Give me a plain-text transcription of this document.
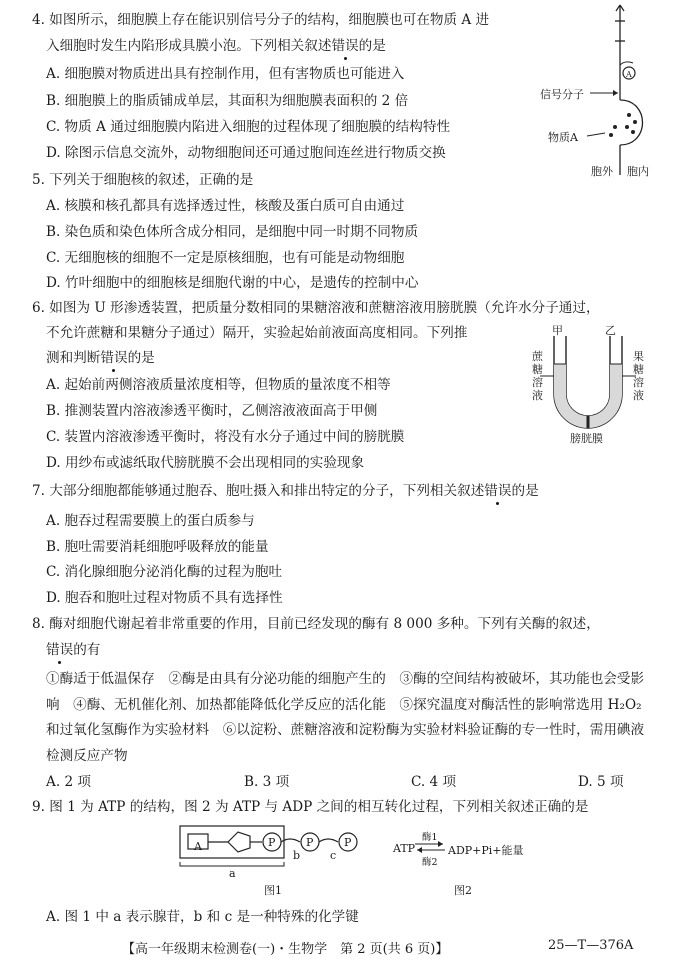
4. 如图所示，细胞膜上存在能识别信号分子的结构，细胞膜也可在物质 A 进
入细胞时发生内陷形成具膜小泡。下列相关叙述错误的是
A. 细胞膜对物质进出具有控制作用，但有害物质也可能进入
B. 细胞膜上的脂质铺成单层，其面积为细胞膜表面积的 2 倍
C. 物质 A 通过细胞膜内陷进入细胞的过程体现了细胞膜的结构特性
D. 除图示信息交流外，动物细胞间还可通过胞间连丝进行物质交换
A
信号分子
物质A
胞外 胞内
5. 下列关于细胞核的叙述，正确的是
A. 核膜和核孔都具有选择透过性，核酸及蛋白质可自由通过
B. 染色质和染色体所含成分相同，是细胞中同一时期不同物质
C. 无细胞核的细胞不一定是原核细胞，也有可能是动物细胞
D. 竹叶细胞中的细胞核是细胞代谢的中心，是遗传的控制中心
6. 如图为 U 形渗透装置，把质量分数相同的果糖溶液和蔗糖溶液用膀胱膜（允许水分子通过，
不允许蔗糖和果糖分子通过）隔开，实验起始前液面高度相同。下列推
测和判断错误的是
A. 起始前两侧溶液质量浓度相等，但物质的量浓度不相等
B. 推测装置内溶液渗透平衡时，乙侧溶液液面高于甲侧
C. 装置内溶液渗透平衡时，将没有水分子通过中间的膀胱膜
D. 用纱布或滤纸取代膀胱膜不会出现相同的实验现象
甲	乙
蔗
糖
溶
液
果
糖
溶
液
膀胱膜
7. 大部分细胞都能够通过胞吞、胞吐摄入和排出特定的分子，下列相关叙述错误的是
A. 胞吞过程需要膜上的蛋白质参与
B. 胞吐需要消耗细胞呼吸释放的能量
C. 消化腺细胞分泌消化酶的过程为胞吐
D. 胞吞和胞吐过程对物质不具有选择性
8. 酶对细胞代谢起着非常重要的作用，目前已经发现的酶有 8 000 多种。下列有关酶的叙述，
错误的有
①酶适于低温保存　②酶是由具有分泌功能的细胞产生的　③酶的空间结构被破坏，其功能也会受影响　④酶、无机催化剂、加热都能降低化学反应的活化能　⑤探究温度对酶活性的影响常选用 H₂O₂和过氧化氢酶作为实验材料　⑥以淀粉、蔗糖溶液和淀粉酶为实验材料验证酶的专一性时，需用碘液检测反应产物
A. 2 项	B. 3 项	C. 4 项	D. 5 项
9. 图 1 为 ATP 的结构，图 2 为 ATP 与 ADP 之间的相互转化过程，下列相关叙述正确的是
A	P	P	P
b	c
a
图1
ATP
酶1
酶2
ADP+Pi+能量
图2
A. 图 1 中 a 表示腺苷，b 和 c 是一种特殊的化学键
【高一年级期末检测卷(一)・生物学　第 2 页(共 6 页)】	25—T—376A
